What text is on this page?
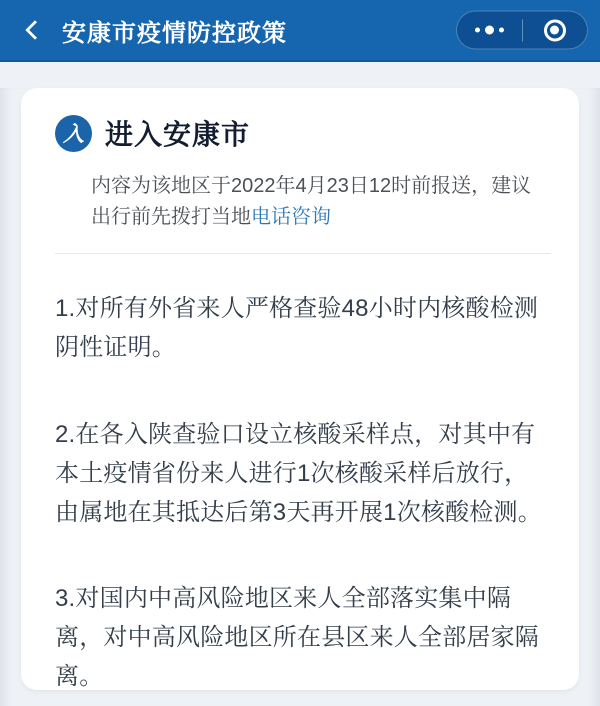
安康市疫情防控政策
入 进入安康市

内容为该地区于2022年4月23日12时前报送，建议出行前先拨打当地电话咨询

1.对所有外省来人严格查验48小时内核酸检测阴性证明。

2.在各入陕查验口设立核酸采样点，对其中有本土疫情省份来人进行1次核酸采样后放行，由属地在其抵达后第3天再开展1次核酸检测。

3.对国内中高风险地区来人全部落实集中隔离，对中高风险地区所在县区来人全部居家隔离。
